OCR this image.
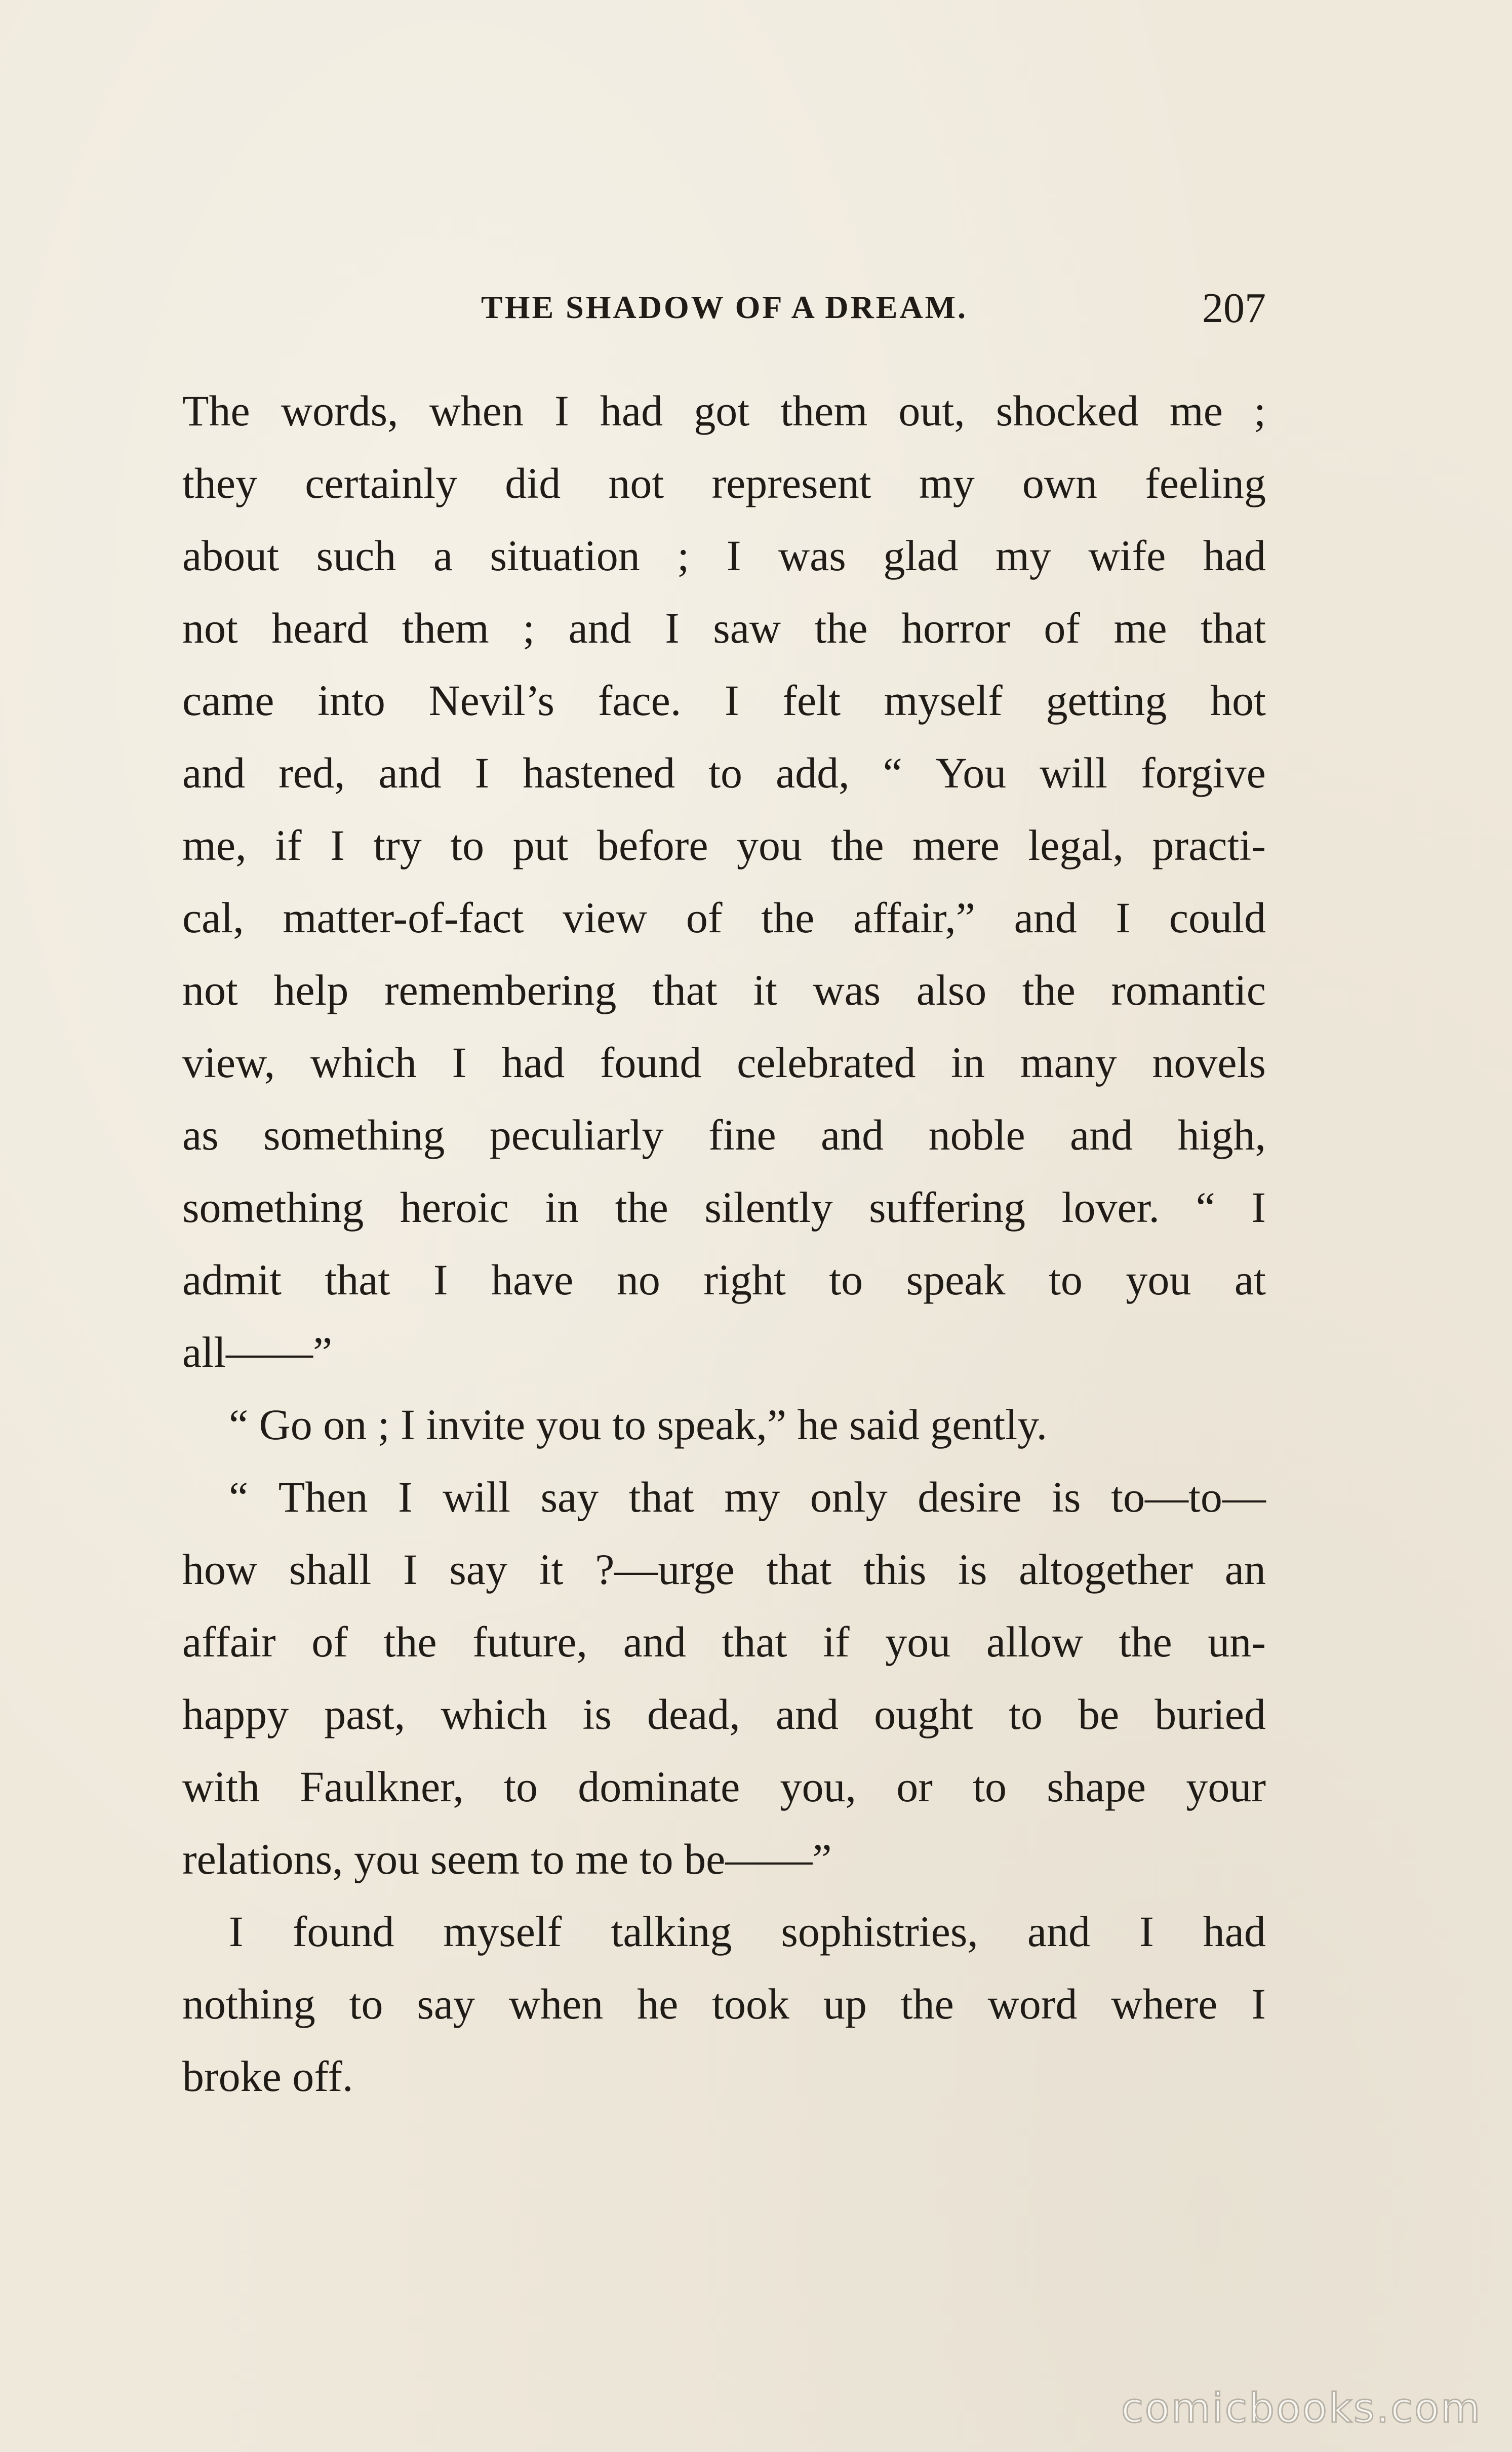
THE SHADOW OF A DREAM.	207
The words, when I had got them out, shocked me ;
they certainly did not represent my own feeling
about such a situation ; I was glad my wife had
not heard them ; and I saw the horror of me that
came into Nevil’s face. I felt myself getting hot
and red, and I hastened to add, “ You will forgive
me, if I try to put before you the mere legal, practi-
cal, matter-of-fact view of the affair,” and I could
not help remembering that it was also the romantic
view, which I had found celebrated in many novels
as something peculiarly fine and noble and high,
something heroic in the silently suffering lover. “ I
admit that I have no right to speak to you at
all——”
“ Go on ; I invite you to speak,” he said gently.
“ Then I will say that my only desire is to—to—
how shall I say it ?—urge that this is altogether an
affair of the future, and that if you allow the un-
happy past, which is dead, and ought to be buried
with Faulkner, to dominate you, or to shape your
relations, you seem to me to be——”
I found myself talking sophistries, and I had
nothing to say when he took up the word where I
broke off.
comicbooks.com
